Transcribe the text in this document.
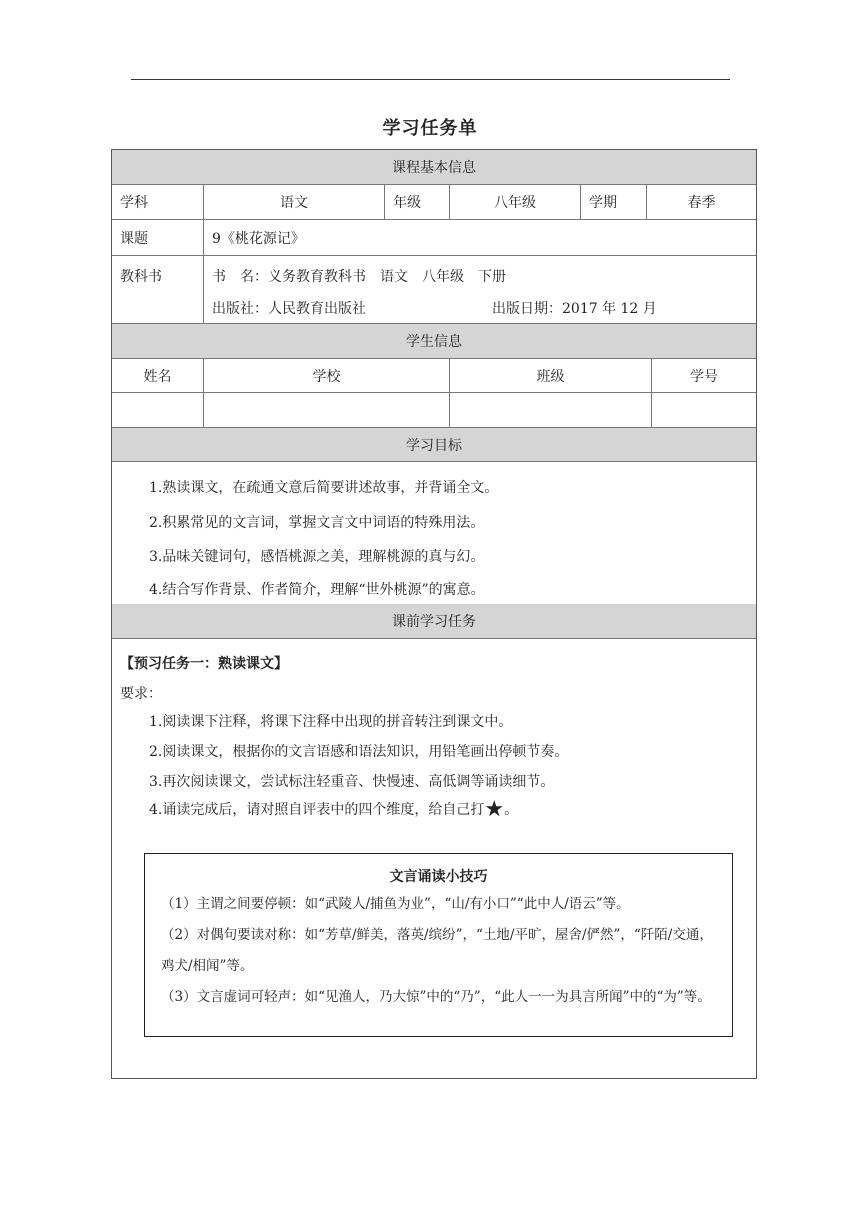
学习任务单
课程基本信息
学科	语文	年级	八年级	学期	春季
课题	9《桃花源记》
教科书	书　名：义务教育教科书　语文　八年级　下册
出版社：人民教育出版社	出版日期：2017 年 12 月
学生信息
姓名	学校	班级	学号
学习目标
1.熟读课文，在疏通文意后简要讲述故事，并背诵全文。
2.积累常见的文言词，掌握文言文中词语的特殊用法。
3.品味关键词句，感悟桃源之美，理解桃源的真与幻。
4.结合写作背景、作者简介，理解“世外桃源”的寓意。
课前学习任务
【预习任务一：熟读课文】
要求：
1.阅读课下注释，将课下注释中出现的拼音转注到课文中。
2.阅读课文，根据你的文言语感和语法知识，用铅笔画出停顿节奏。
3.再次阅读课文，尝试标注轻重音、快慢速、高低调等诵读细节。
4.诵读完成后，请对照自评表中的四个维度，给自己打★。
文言诵读小技巧
（1）主谓之间要停顿：如“武陵人/捕鱼为业”，“山/有小口”“此中人/语云”等。
（2）对偶句要读对称：如“芳草/鲜美，落英/缤纷”，“土地/平旷，屋舍/俨然”，“阡陌/交通，鸡犬/相闻”等。
（3）文言虚词可轻声：如“见渔人，乃大惊”中的“乃”，“此人一一为具言所闻”中的“为”等。
